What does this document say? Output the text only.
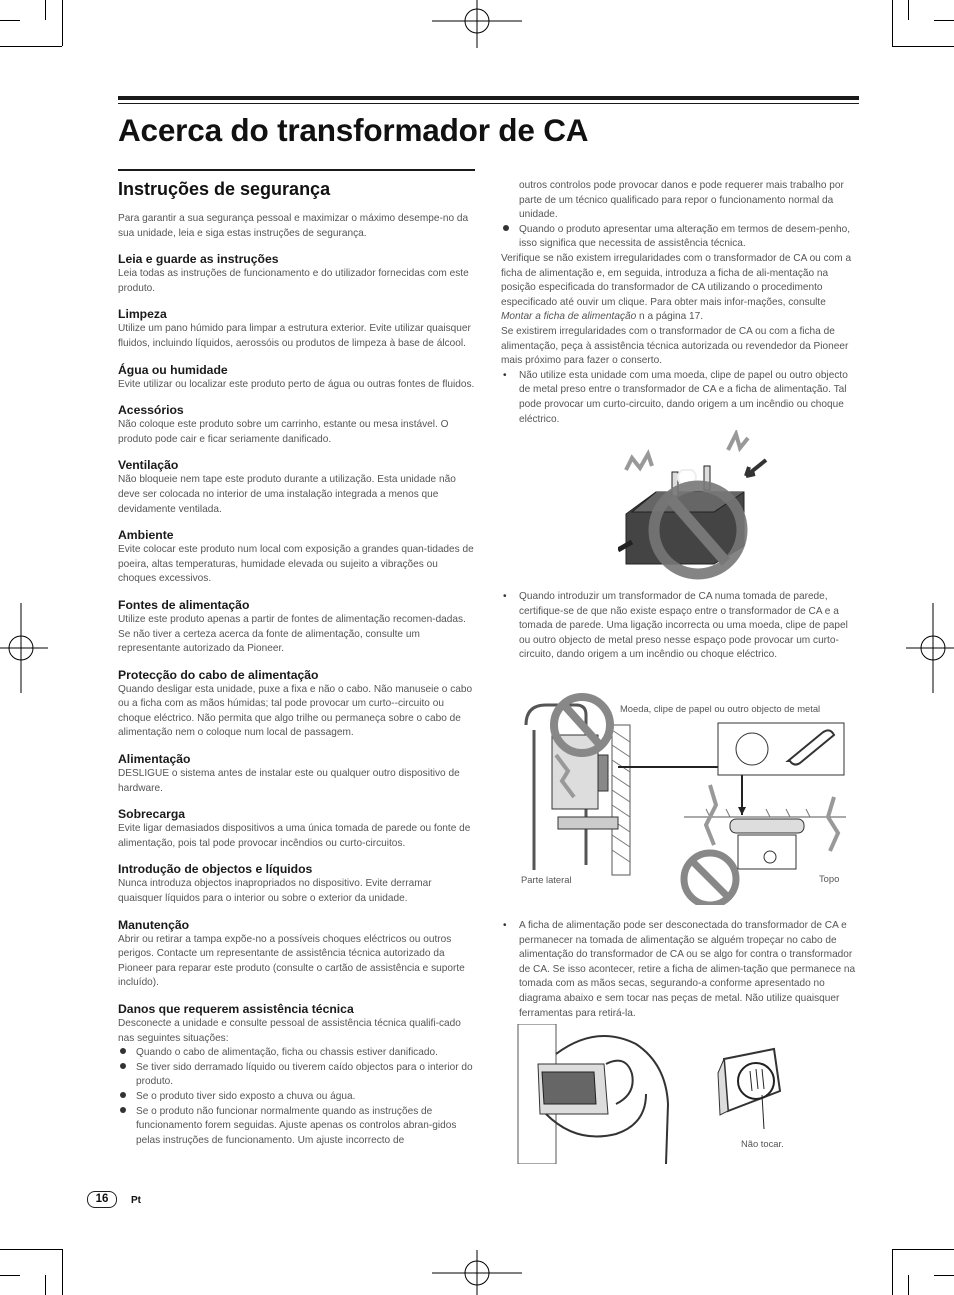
Acerca do transformador de CA
Instruções de segurança

Para garantir a sua segurança pessoal e maximizar o máximo desempe-no da sua unidade, leia e siga estas instruções de segurança.

Leia e guarde as instruções

Leia todas as instruções de funcionamento e do utilizador fornecidas com este produto.

Limpeza

Utilize um pano húmido para limpar a estrutura exterior. Evite utilizar quaisquer fluidos, incluindo líquidos, aerossóis ou produtos de limpeza à base de álcool.

Água ou humidade

Evite utilizar ou localizar este produto perto de água ou outras fontes de fluidos.

Acessórios

Não coloque este produto sobre um carrinho, estante ou mesa instável. O produto pode cair e ficar seriamente danificado.

Ventilação

Não bloqueie nem tape este produto durante a utilização. Esta unidade não deve ser colocada no interior de uma instalação integrada a menos que devidamente ventilada.

Ambiente

Evite colocar este produto num local com exposição a grandes quan-tidades de poeira, altas temperaturas, humidade elevada ou sujeito a vibrações ou choques excessivos.

Fontes de alimentação

Utilize este produto apenas a partir de fontes de alimentação recomen-dadas. Se não tiver a certeza acerca da fonte de alimentação, consulte um representante autorizado da Pioneer.

Protecção do cabo de alimentação

Quando desligar esta unidade, puxe a fixa e não o cabo. Não manuseie o cabo ou a ficha com as mãos húmidas; tal pode provocar um curto--circuito ou choque eléctrico. Não permita que algo trilhe ou permaneça sobre o cabo de alimentação nem o coloque num local de passagem.

Alimentação

DESLIGUE o sistema antes de instalar este ou qualquer outro dispositivo de hardware.

Sobrecarga

Evite ligar demasiados dispositivos a uma única tomada de parede ou fonte de alimentação, pois tal pode provocar incêndios ou curto-circuitos.

Introdução de objectos e líquidos

Nunca introduza objectos inapropriados no dispositivo. Evite derramar quaisquer líquidos para o interior ou sobre o exterior da unidade.

Manutenção

Abrir ou retirar a tampa expõe-no a possíveis choques eléctricos ou outros perigos. Contacte um representante de assistência técnica autorizado da Pioneer para reparar este produto (consulte o cartão de assistência e suporte incluído).

Danos que requerem assistência técnica

Desconecte a unidade e consulte pessoal de assistência técnica qualifi-cado nas seguintes situações:

Quando o cabo de alimentação, ficha ou chassis estiver danificado.
Se tiver sido derramado líquido ou tiverem caído objectos para o interior do produto.
Se o produto tiver sido exposto a chuva ou água.
Se o produto não funcionar normalmente quando as instruções de funcionamento forem seguidas. Ajuste apenas os controlos abran-gidos pelas instruções de funcionamento. Um ajuste incorrecto de

outros controlos pode provocar danos e pode requerer mais trabalho por parte de um técnico qualificado para repor o funcionamento normal da unidade.

Quando o produto apresentar uma alteração em termos de desem-penho, isso significa que necessita de assistência técnica.

Verifique se não existem irregularidades com o transformador de CA ou com a ficha de alimentação e, em seguida, introduza a ficha de ali-mentação na posição especificada do transformador de CA utilizando o procedimento especificado até ouvir um clique. Para obter mais infor-mações, consulte Montar a ficha de alimentação n a página 17.

Se existirem irregularidades com o transformador de CA ou com a ficha de alimentação, peça à assistência técnica autorizada ou revendedor da Pioneer mais próximo para fazer o conserto.

•
Não utilize esta unidade com uma moeda, clipe de papel ou outro objecto de metal preso entre o transformador de CA e a ficha de alimentação. Tal pode provocar um curto-circuito, dando origem a um incêndio ou choque eléctrico.
•
Quando introduzir um transformador de CA numa tomada de parede, certifique-se de que não existe espaço entre o transformador de CA e a tomada de parede. Uma ligação incorrecta ou uma moeda, clipe de papel ou outro objecto de metal preso nesse espaço pode provocar um curto-circuito, dando origem a um incêndio ou choque eléctrico.
Moeda, clipe de papel ou outro objecto de metal
Parte lateral	Topo
•
A ficha de alimentação pode ser desconectada do transformador de CA e permanecer na tomada de alimentação se alguém tropeçar no cabo de alimentação do transformador de CA ou se algo for contra o transformador de CA. Se isso acontecer, retire a ficha de alimen-tação que permanece na tomada com as mãos secas, segurando-a conforme apresentado no diagrama abaixo e sem tocar nas peças de metal. Não utilize quaisquer ferramentas para retirá-la.
Não tocar.
16	Pt
